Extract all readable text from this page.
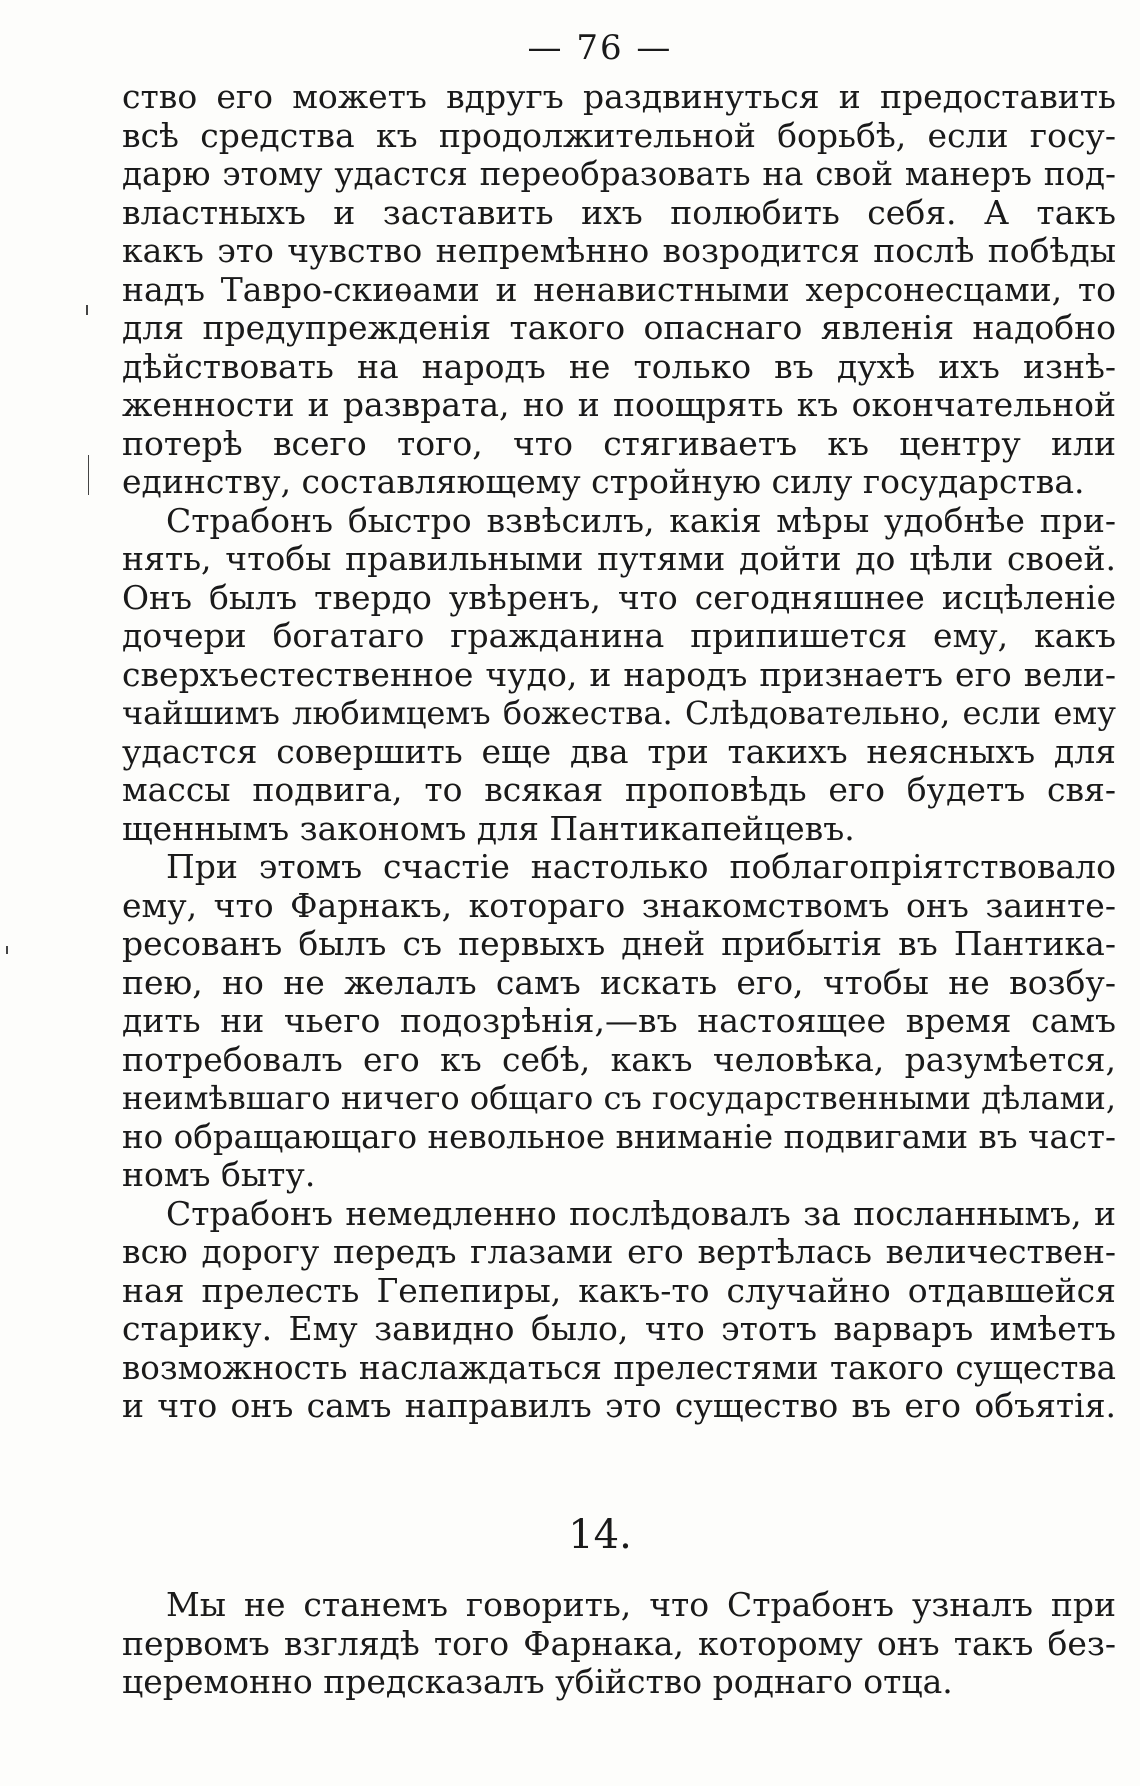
— 76 —
ство его можетъ вдругъ раздвинуться и предоставить
всѣ средства къ продолжительной борьбѣ, если госу-
дарю этому удастся переобразовать на свой манеръ под-
властныхъ и заставить ихъ полюбить себя. А такъ
какъ это чувство непремѣнно возродится послѣ побѣды
надъ Тавро-скиѳами и ненавистными херсонесцами, то
для предупрежденія такого опаснаго явленія надобно
дѣйствовать на народъ не только въ духѣ ихъ изнѣ-
женности и разврата, но и поощрять къ окончательной
потерѣ всего того, что стягиваетъ къ центру или
единству, составляющему стройную силу государства.
Страбонъ быстро взвѣсилъ, какія мѣры удобнѣе при-
нять, чтобы правильными путями дойти до цѣли своей.
Онъ былъ твердо увѣренъ, что сегодняшнее исцѣленіе
дочери богатаго гражданина припишется ему, какъ
сверхъестественное чудо, и народъ признаетъ его вели-
чайшимъ любимцемъ божества. Слѣдовательно, если ему
удастся совершить еще два три такихъ неясныхъ для
массы подвига, то всякая проповѣдь его будетъ свя-
щеннымъ закономъ для Пантикапейцевъ.
При этомъ счастіе настолько поблагопріятствовало
ему, что Фарнакъ, котораго знакомствомъ онъ заинте-
ресованъ былъ съ первыхъ дней прибытія въ Пантика-
пею, но не желалъ самъ искать его, чтобы не возбу-
дить ни чьего подозрѣнія,—въ настоящее время самъ
потребовалъ его къ себѣ, какъ человѣка, разумѣется,
неимѣвшаго ничего общаго съ государственными дѣлами,
но обращающаго невольное вниманіе подвигами въ част-
номъ быту.
Страбонъ немедленно послѣдовалъ за посланнымъ, и
всю дорогу передъ глазами его вертѣлась величествен-
ная прелесть Гепепиры, какъ-то случайно отдавшейся
старику. Ему завидно было, что этотъ варваръ имѣетъ
возможность наслаждаться прелестями такого существа
и что онъ самъ направилъ это существо въ его объятія.
14.
Мы не станемъ говорить, что Страбонъ узналъ при
первомъ взглядѣ того Фарнака, которому онъ такъ без-
церемонно предсказалъ убійство роднаго отца.
